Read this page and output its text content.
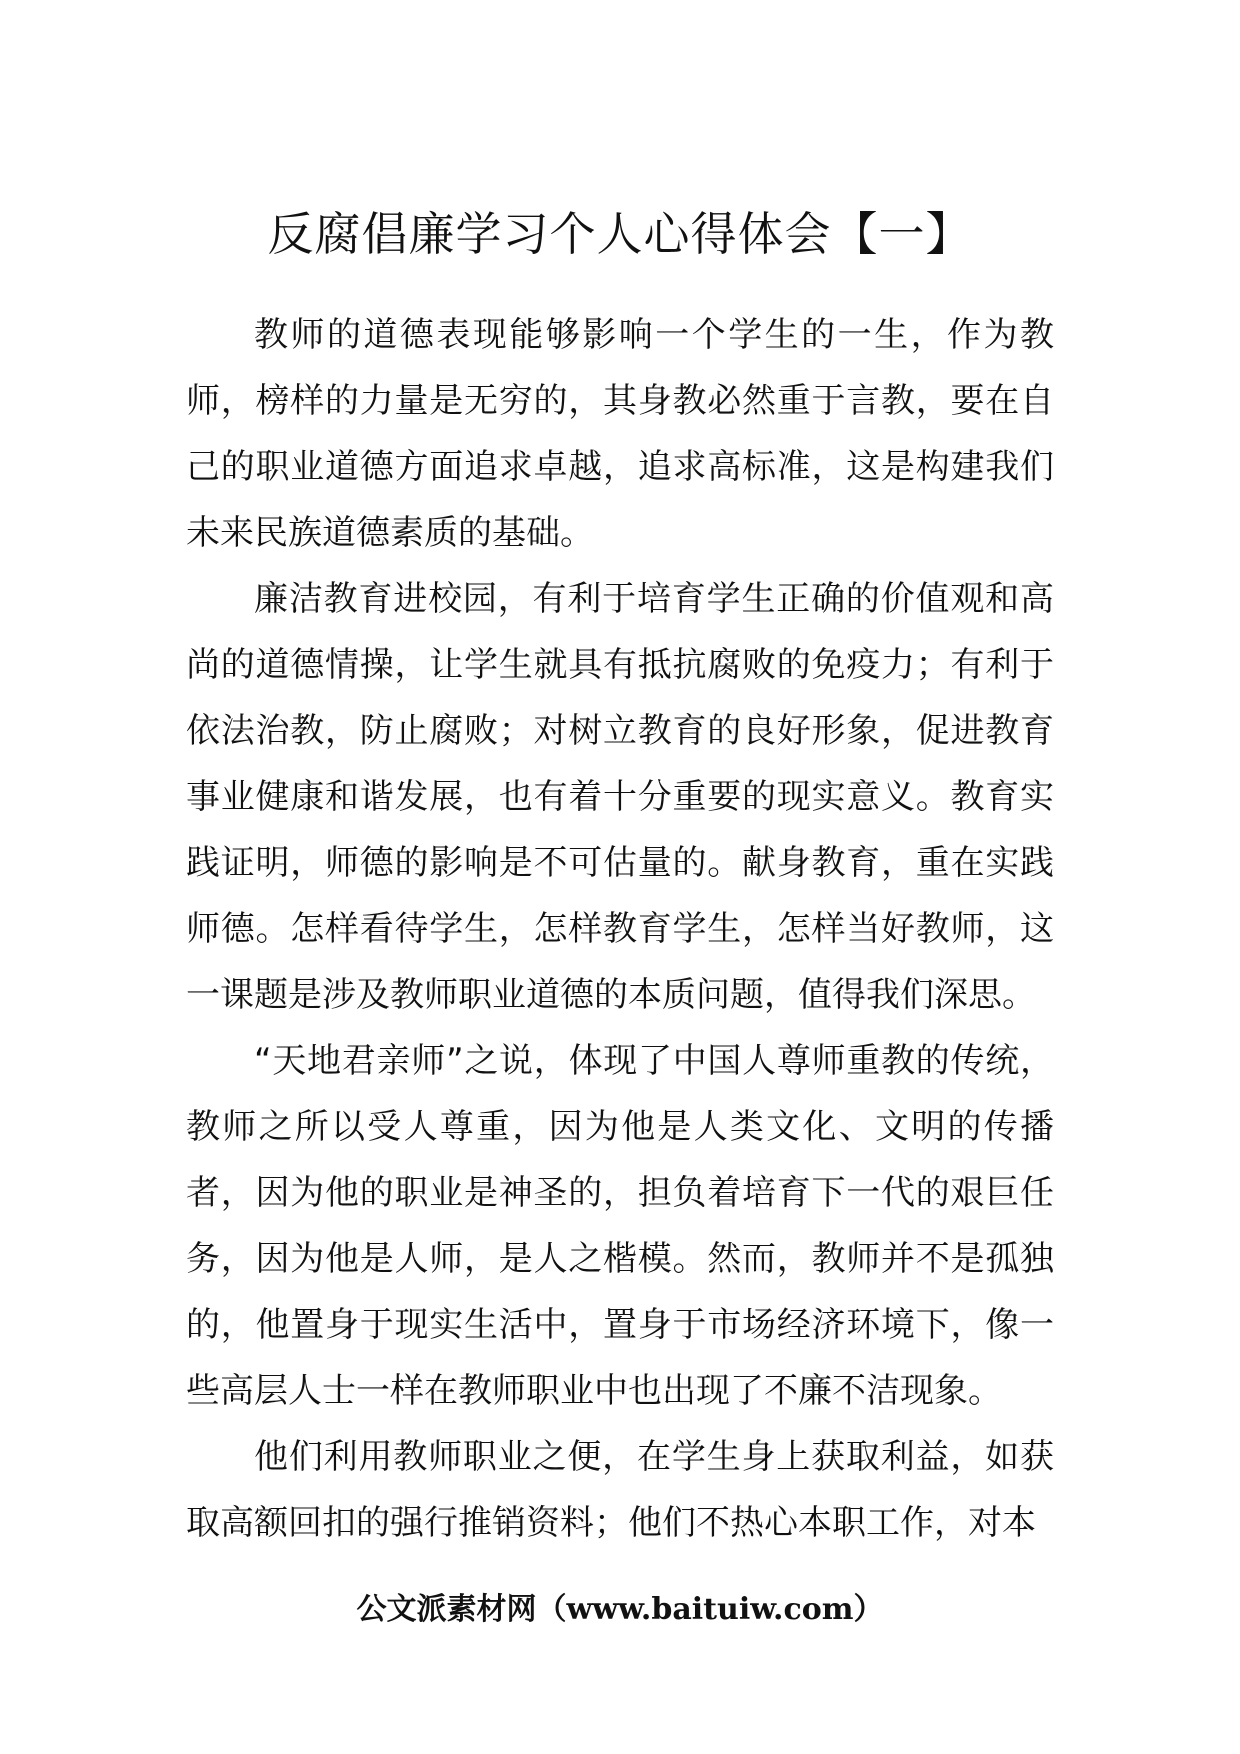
反腐倡廉学习个人心得体会【一】

教师的道德表现能够影响一个学生的一生，作为教师，榜样的力量是无穷的，其身教必然重于言教，要在自己的职业道德方面追求卓越，追求高标准，这是构建我们未来民族道德素质的基础。

廉洁教育进校园，有利于培育学生正确的价值观和高尚的道德情操，让学生就具有抵抗腐败的免疫力；有利于依法治教，防止腐败；对树立教育的良好形象，促进教育事业健康和谐发展，也有着十分重要的现实意义。教育实践证明，师德的影响是不可估量的。献身教育，重在实践师德。怎样看待学生，怎样教育学生，怎样当好教师，这一课题是涉及教师职业道德的本质问题，值得我们深思。

“天地君亲师”之说，体现了中国人尊师重教的传统，教师之所以受人尊重，因为他是人类文化、文明的传播者，因为他的职业是神圣的，担负着培育下一代的艰巨任务，因为他是人师，是人之楷模。然而，教师并不是孤独的，他置身于现实生活中，置身于市场经济环境下，像一些高层人士一样在教师职业中也出现了不廉不洁现象。

他们利用教师职业之便，在学生身上获取利益，如获取高额回扣的强行推销资料；他们不热心本职工作，对本

公文派素材网（www.baituiw.com）
